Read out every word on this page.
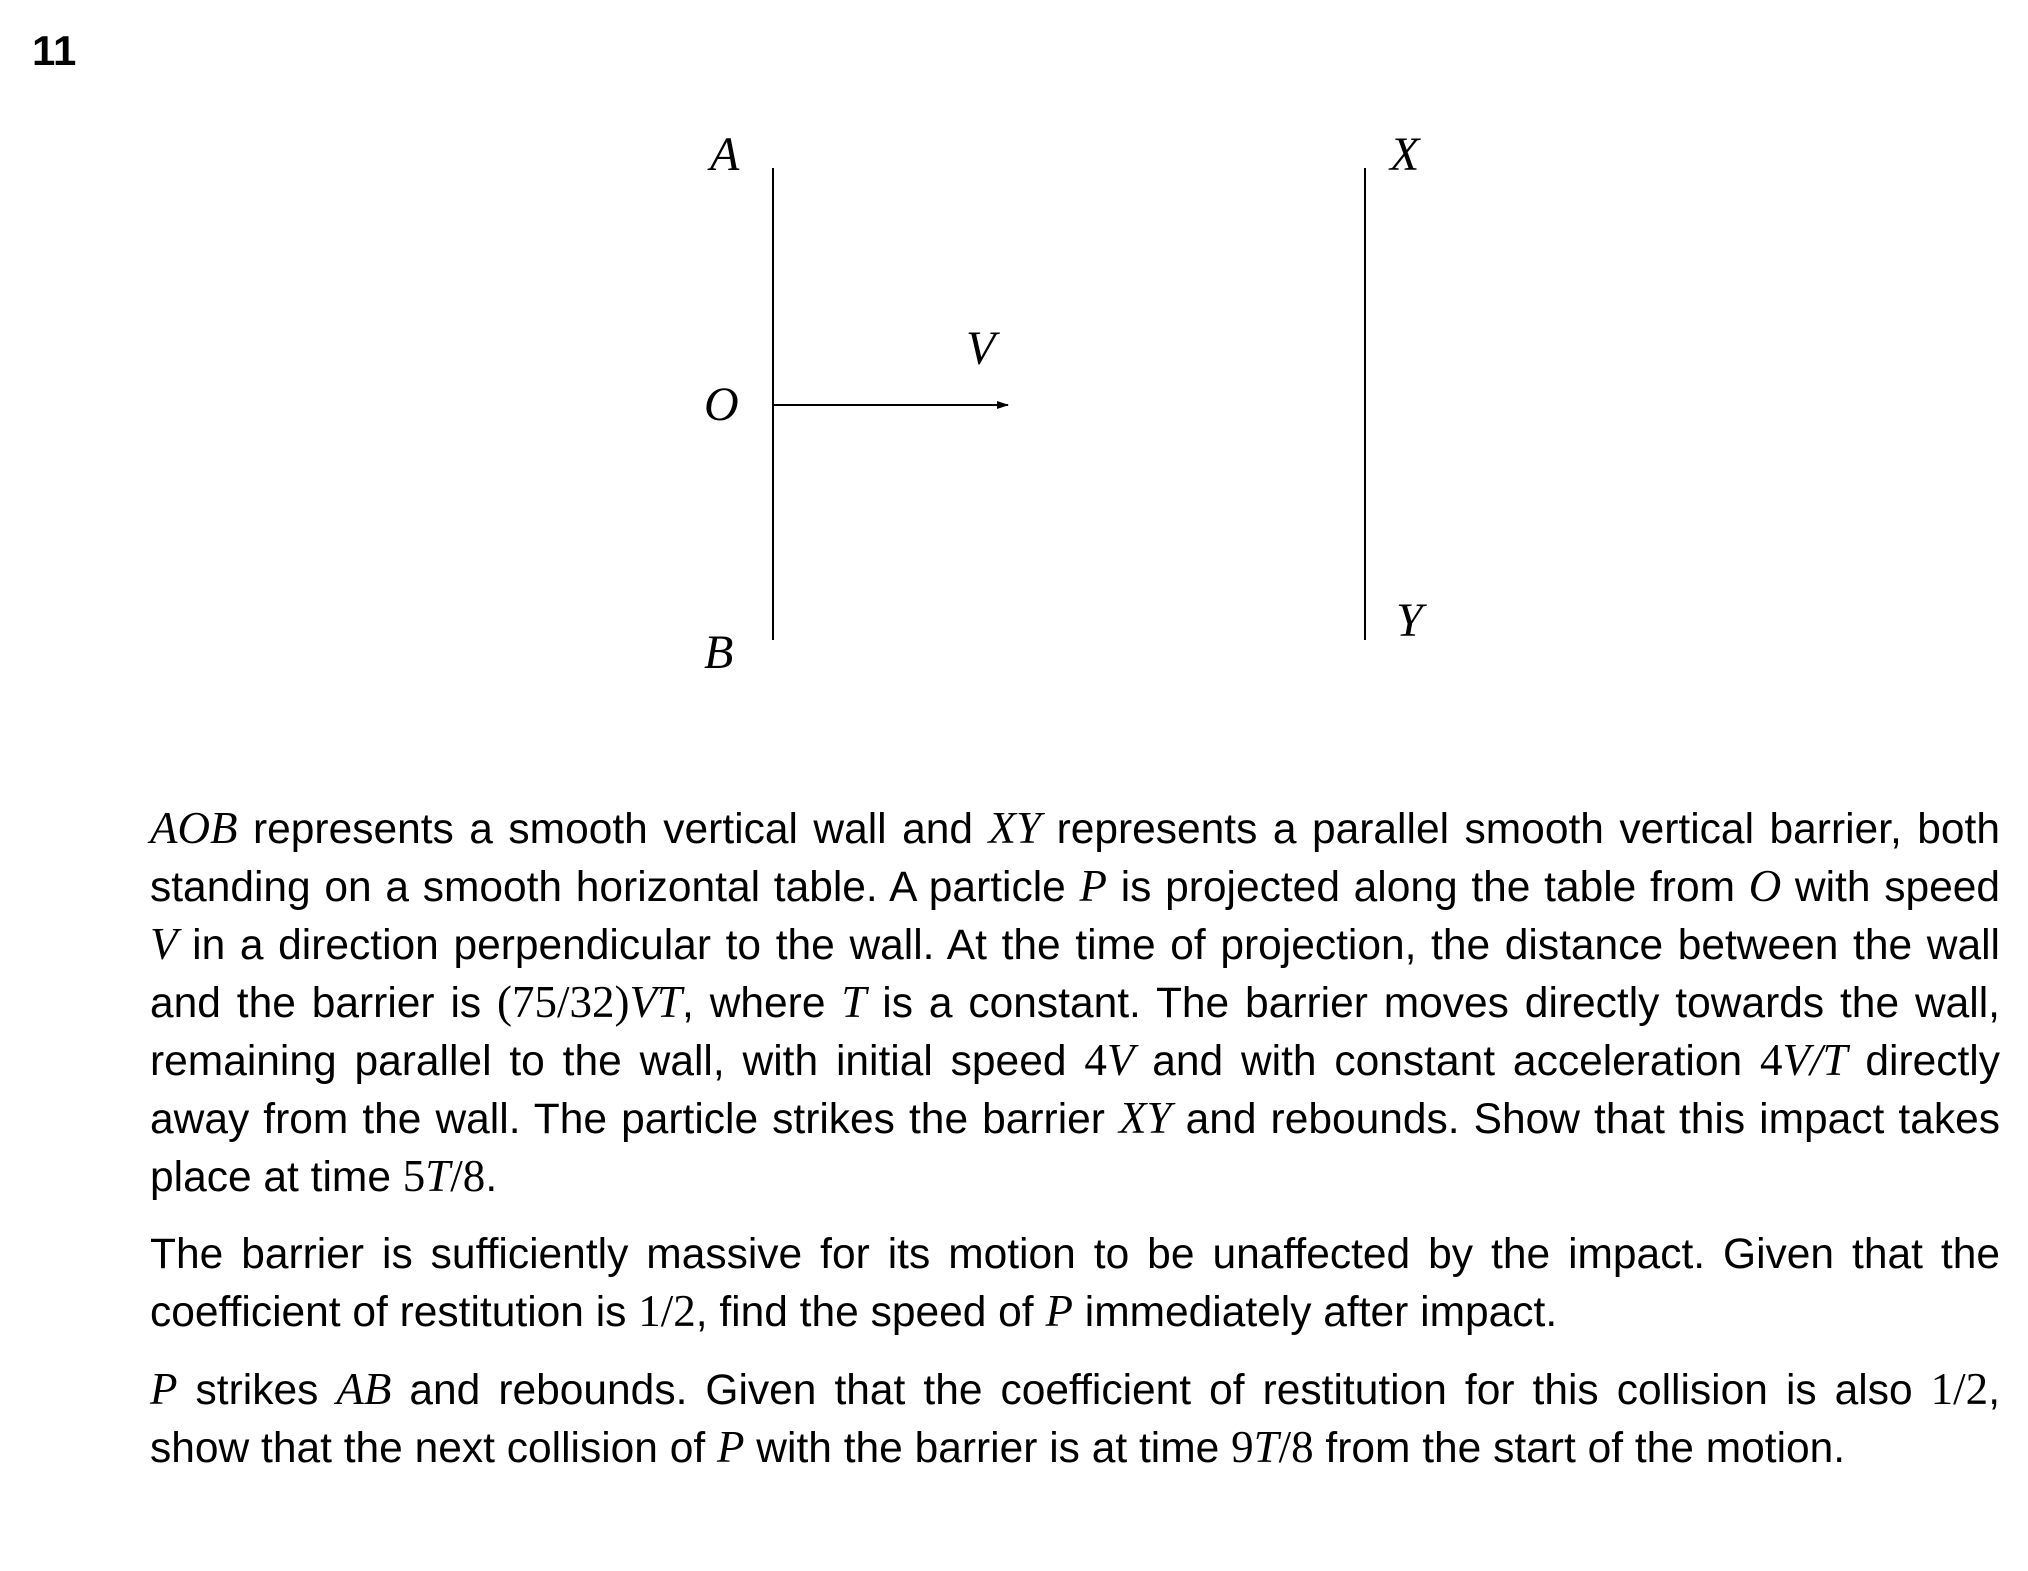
11
A
O
B
X
Y
V

AOB represents a smooth vertical wall and XY represents a parallel smooth vertical barrier, both standing on a smooth horizontal table. A particle P is projected along the table from O with speed V in a direction perpendicular to the wall. At the time of projection, the distance between the wall and the barrier is (75/32)VT, where T is a constant. The barrier moves directly towards the wall, remaining parallel to the wall, with initial speed 4V and with constant acceleration 4V/T directly away from the wall. The particle strikes the barrier XY and rebounds. Show that this impact takes place at time 5T/8.

The barrier is sufficiently massive for its motion to be unaffected by the impact. Given that the coefficient of restitution is 1/2, find the speed of P immediately after impact.

P strikes AB and rebounds. Given that the coefficient of restitution for this collision is also 1/2, show that the next collision of P with the barrier is at time 9T/8 from the start of the motion.
